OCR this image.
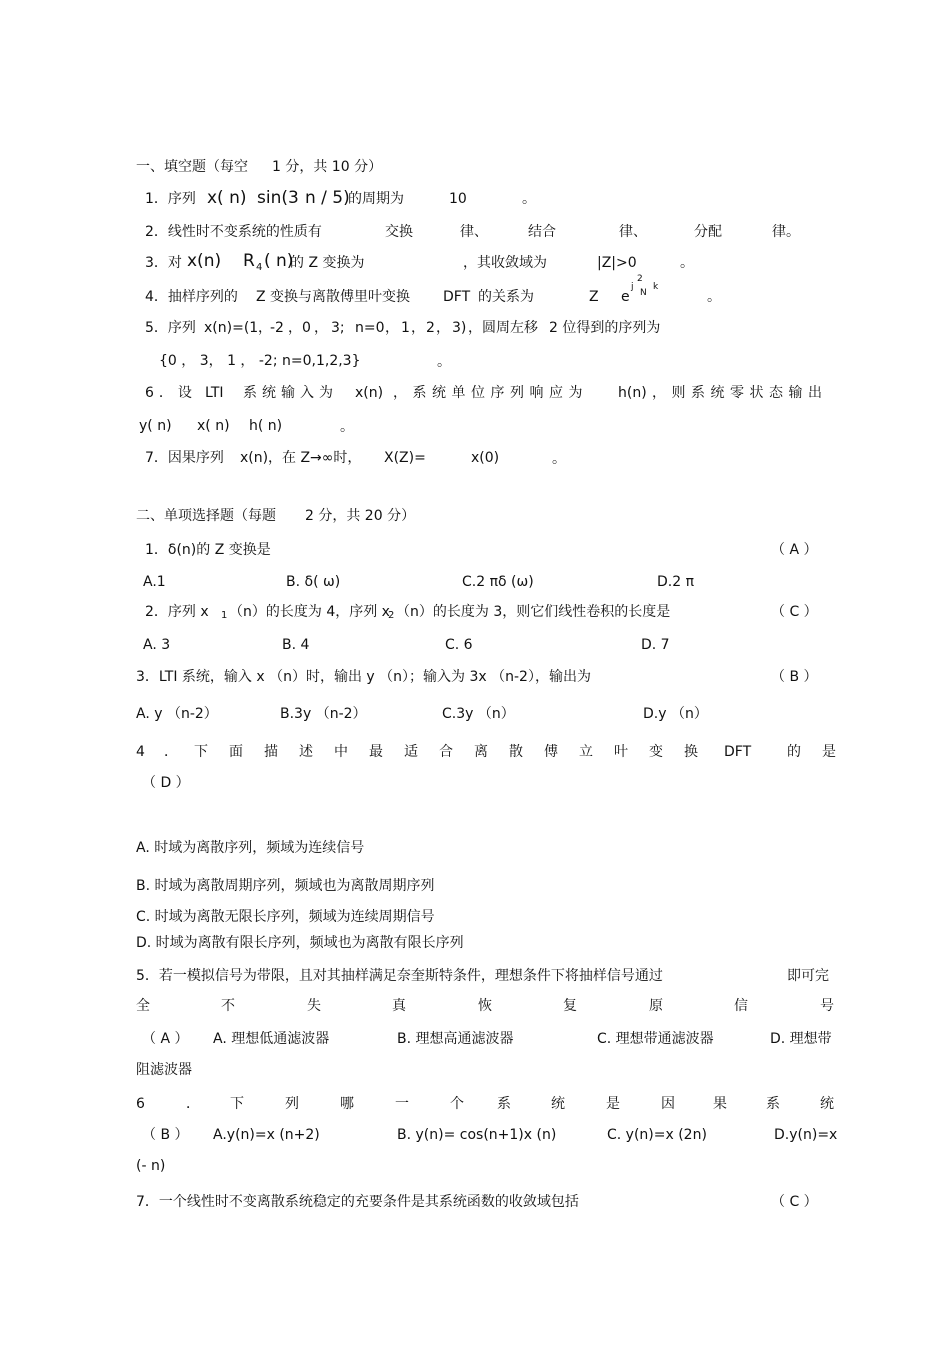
一、填空题（每空 1 分，共 10 分）
1．序列 x( n) sin(3 n / 5)
的周期为	10	。
2．线性时不变系统的性质有	交换	律、	结合	律、	分配	律。
3．对 x(n) R 4 ( n)
的 Z 变换为	，其收敛域为	|Z|>0	。
4．抽样序列的 Z 变换与离散傅里叶变换 DFT 的关系为	Z e
j
2
N
k
。
5．序列 x(n)=(1 ，
-2 ， 0 ， 3; n=0 ， 1 ， 2 ， 3) ，圆周左移 2 位得到的序列为
{0 ， 3， 1 ， -2; n=0,1,2,3}	。
6．设 LTI 系统输入为 x(n) ，系统单位序列响应为 h(n) ，则系统零状态输出
y( n) x( n) h( n)	。
7．因果序列 x(n) ，在 Z→∞时， X(Z)=	x(0)	。
二、单项选择题（每题 2 分，共 20 分）
1．δ(n)的 Z 变换是	（ A ）
A.1	B. δ( ω)	C.2 πδ (ω)	D.2 π
2．序列 x 1 （n）的长度为 4，序列 x
2 （n）的长度为 3，则它们线性卷积的长度是	（ C ）
A. 3	B. 4	C. 6	D. 7
3．LTI 系统，输入 x （n）时，输出 y （n）；输入为 3x （n-2），输出为	（ B ）
A. y （n-2）	B.3y （n-2）	C.3y （n）	D.y （n）
4 ． 下 面 描 述 中 最 适 合 离 散 傅 立 叶 变 换 DFT	的 是
（ D ）
A. 时域为离散序列，频域为连续信号
B. 时域为离散周期序列，频域也为离散周期序列
C. 时域为离散无限长序列，频域为连续周期信号
D. 时域为离散有限长序列，频域也为离散有限长序列
5．若一模拟信号为带限，且对其抽样满足奈奎斯特条件，理想条件下将抽样信号通过	即可完
全	不	失	真	恢	复	原	信	号
（ A ） A. 理想低通滤波器	B. 理想高通滤波器	C. 理想带通滤波器	D. 理想带
阻滤波器
6	． 下	列	哪	一	个 系	统	是	因	果	系	统
（ B ） A.y(n)=x (n+2)	B. y(n)= cos(n+1)x (n)	C. y(n)=x (2n)	D.y(n)=x
(- n)
7．一个线性时不变离散系统稳定的充要条件是其系统函数的收敛域包括	（ C ）
